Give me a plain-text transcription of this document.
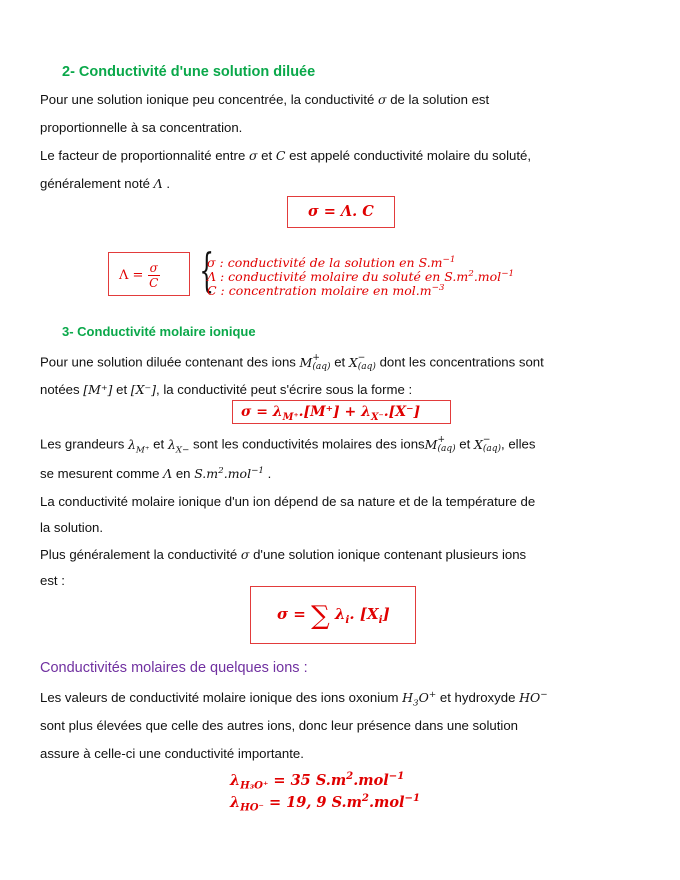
2- Conductivité d'une solution diluée
Pour une solution ionique peu concentrée, la conductivité σ de la solution est
proportionnelle à sa concentration.
Le facteur de proportionnalité entre σ et C est appelé conductivité molaire du soluté,
généralement noté Λ .
σ = Λ. C
$\Lambda = \frac{\sigma}{C}$ {
σ : conductivité de la solution en $S.m^{-1}$
Λ : conductivité molaire du soluté en $S.m^2.mol^{-1}$
C : concentration molaire en $mol.m^{-3}$
3- Conductivité molaire ionique
Pour une solution diluée contenant des ions M +
(aq) et X −
(aq) dont les concentrations sont
notées [M⁺] et [X⁻], la conductivité peut s'écrire sous la forme :
$\sigma = \lambda_{M^+}.[M^+] + \lambda_{X^-}.[X^-]$
Les grandeurs $\lambda_{M^+}$ et $\lambda_{X-}$ sont les conductivités molaires des ionsM +
(aq) et X −
(aq) , elles
se mesurent comme Λ en $S.m^2.mol^{-1}$ .
La conductivité molaire ionique d'un ion dépend de sa nature et de la température de
la solution.
Plus généralement la conductivité σ d'une solution ionique contenant plusieurs ions
est :
σ = ∑ $\lambda_i$. $[X_i]$
Conductivités molaires de quelques ions :
Les valeurs de conductivité molaire ionique des ions oxonium $H_3O^+$ et hydroxyde HO−
sont plus élevées que celle des autres ions, donc leur présence dans une solution
assure à celle-ci une conductivité importante.
$\lambda_{H_3O^+} = 35$ $S.m^2.mol^{-1}$
$\lambda_{HO^-} = 19$, 9 $S.m^2.mol^{-1}$
